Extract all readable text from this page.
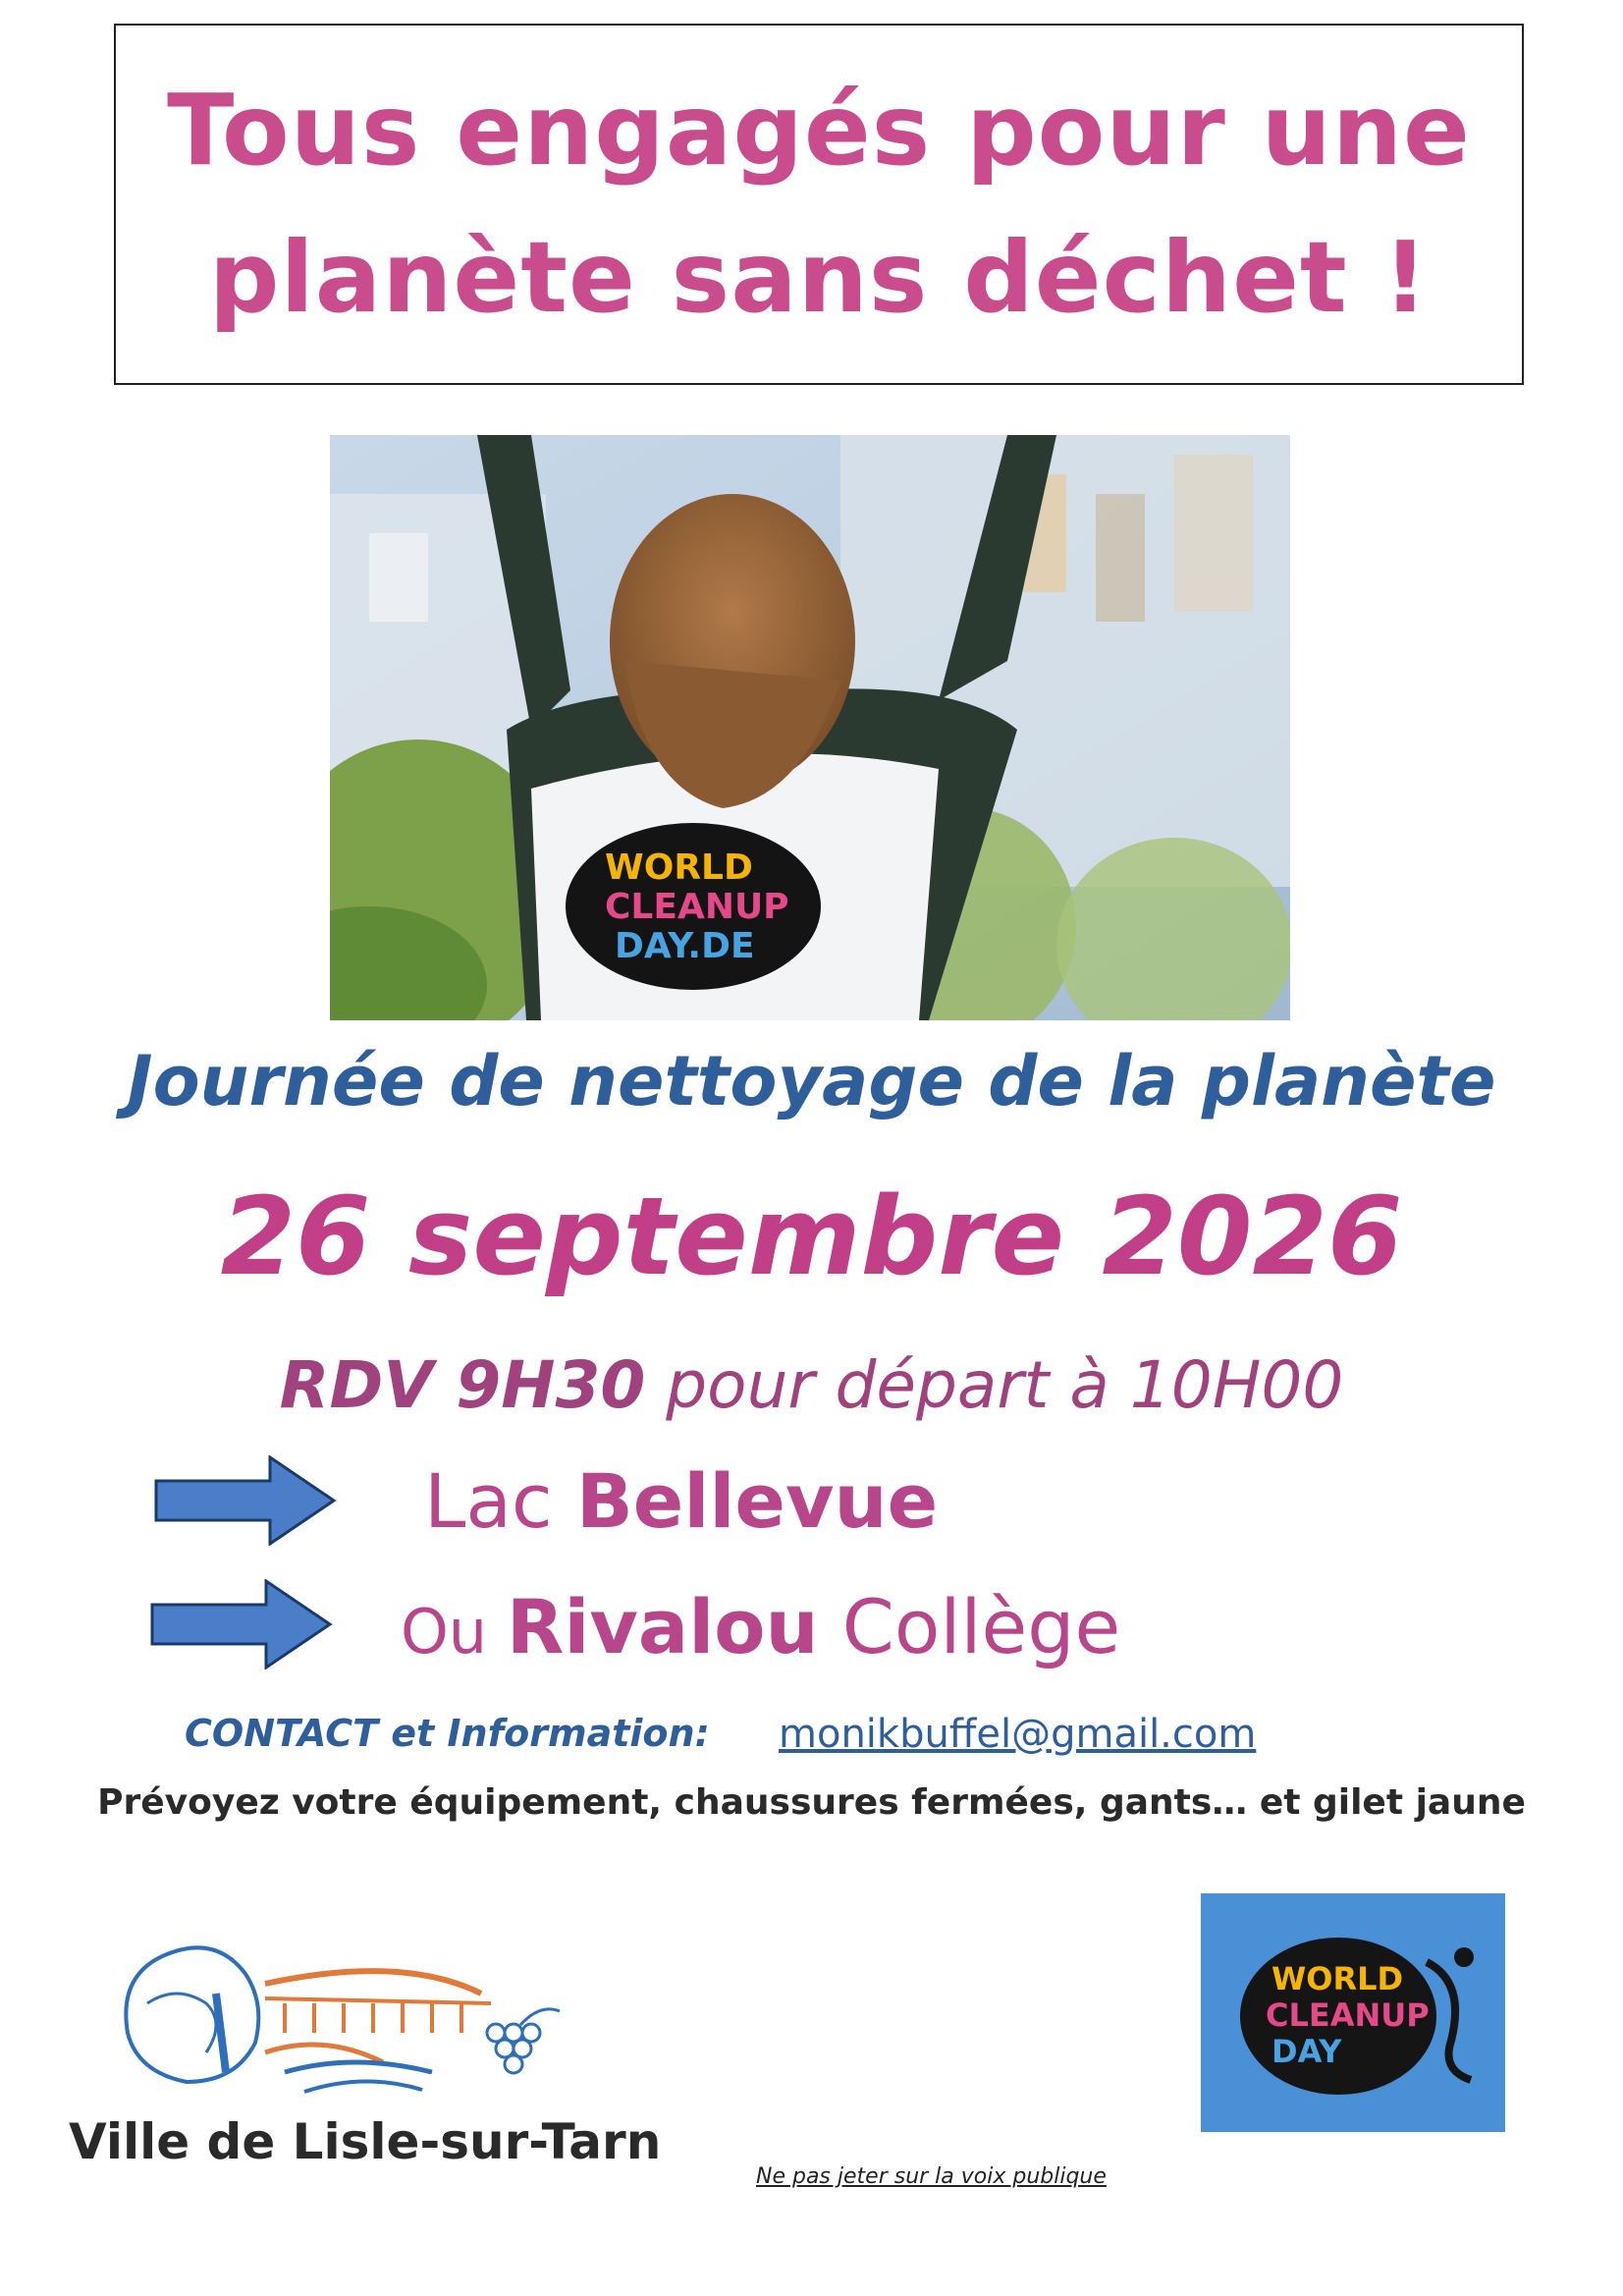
Tous engagés pour une
planète sans déchet !
WORLD
CLEANUP
DAY.DE
Journée de nettoyage de la planète
26 septembre 2026
RDV 9H30 pour départ à 10H00
Lac Bellevue
Ou Rivalou Collège
CONTACT et Information: monikbuffel@gmail.com
Prévoyez votre équipement, chaussures fermées, gants… et gilet jaune
Ville de Lisle-sur-Tarn
WORLD
CLEANUP
DAY
Ne pas jeter sur la voix publique
